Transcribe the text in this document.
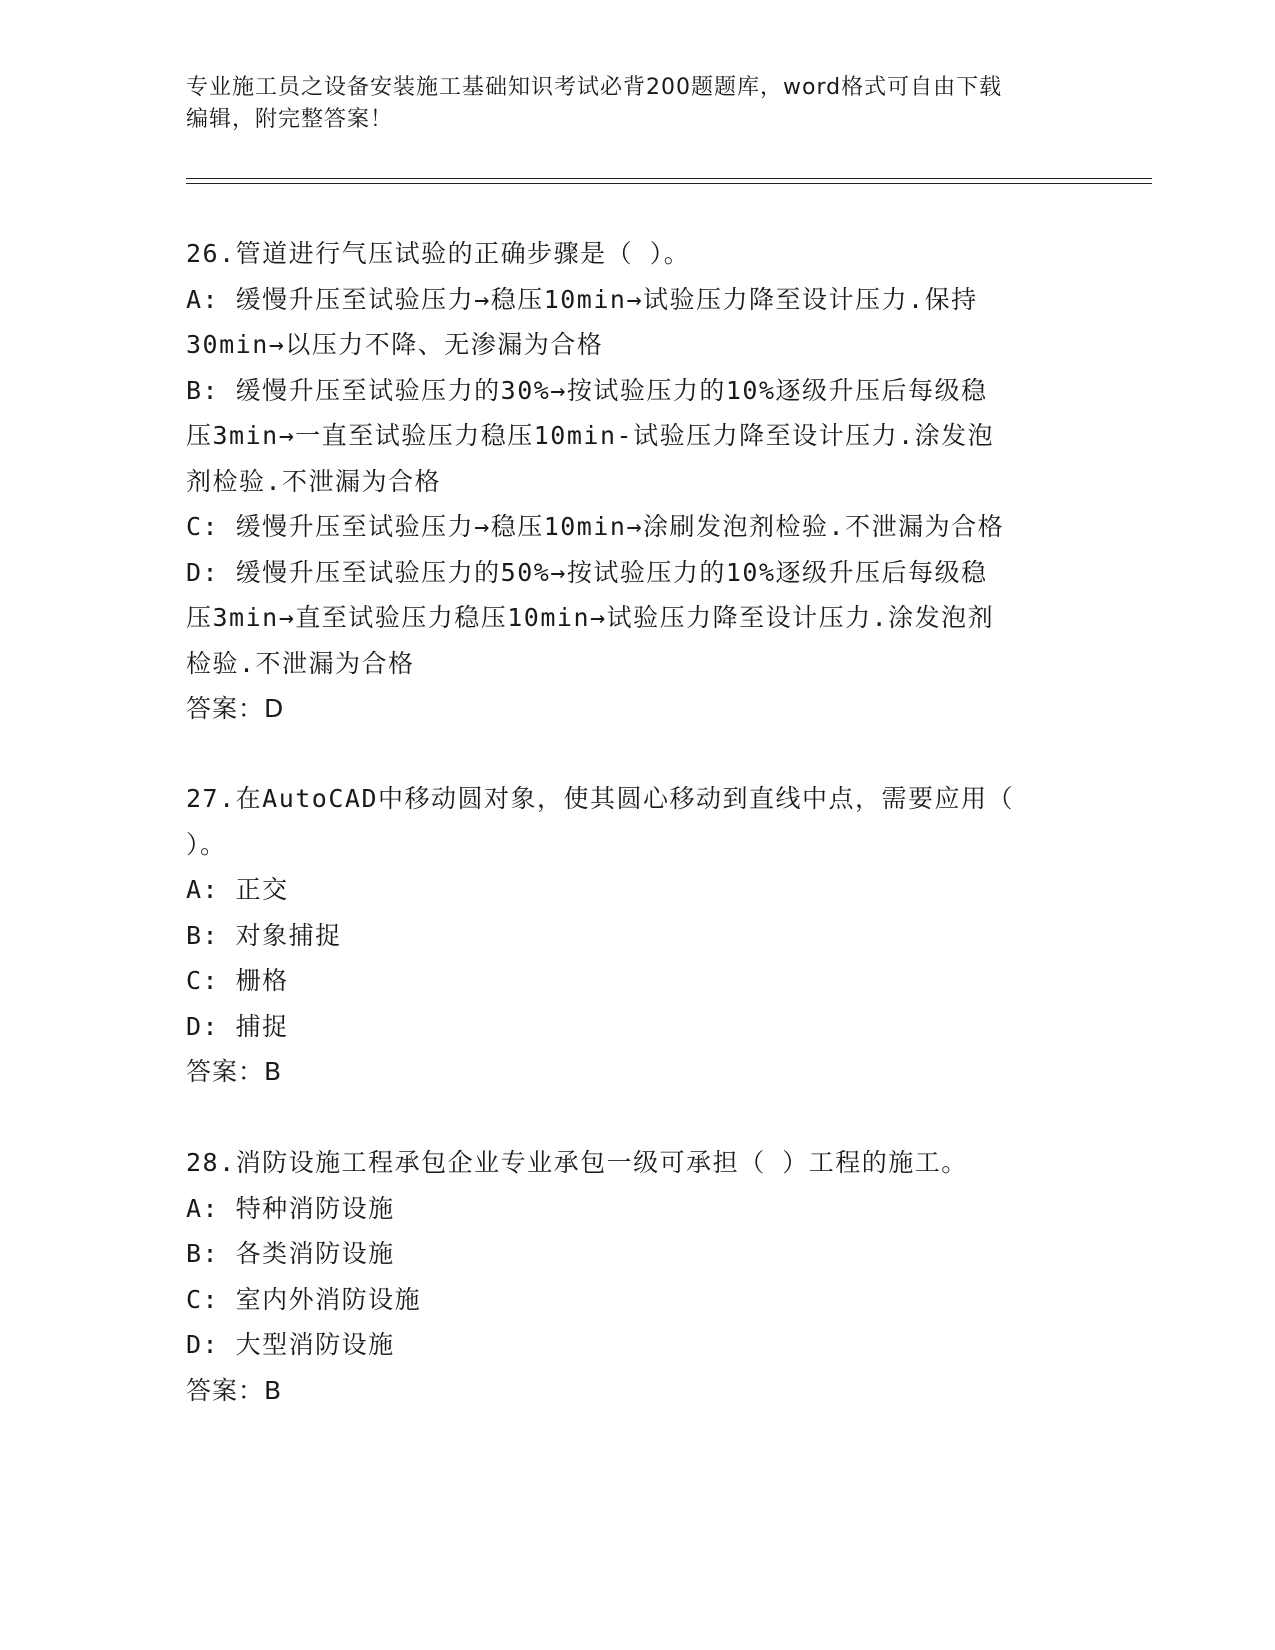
专业施工员之设备安装施工基础知识考试必背200题题库，word格式可自由下载
编辑，附完整答案！
26.管道进行气压试验的正确步骤是（ ）。
A: 缓慢升压至试验压力→稳压10min→试验压力降至设计压力.保持
30min→以压力不降、无渗漏为合格
B: 缓慢升压至试验压力的30%→按试验压力的10%逐级升压后每级稳
压3min→一直至试验压力稳压10min-试验压力降至设计压力.涂发泡
剂检验.不泄漏为合格
C: 缓慢升压至试验压力→稳压10min→涂刷发泡剂检验.不泄漏为合格
D: 缓慢升压至试验压力的50%→按试验压力的10%逐级升压后每级稳
压3min→直至试验压力稳压10min→试验压力降至设计压力.涂发泡剂
检验.不泄漏为合格
答案：D
27.在AutoCAD中移动圆对象，使其圆心移动到直线中点，需要应用（
）。
A: 正交
B: 对象捕捉
C: 栅格
D: 捕捉
答案：B
28.消防设施工程承包企业专业承包一级可承担（ ）工程的施工。
A: 特种消防设施
B: 各类消防设施
C: 室内外消防设施
D: 大型消防设施
答案：B
